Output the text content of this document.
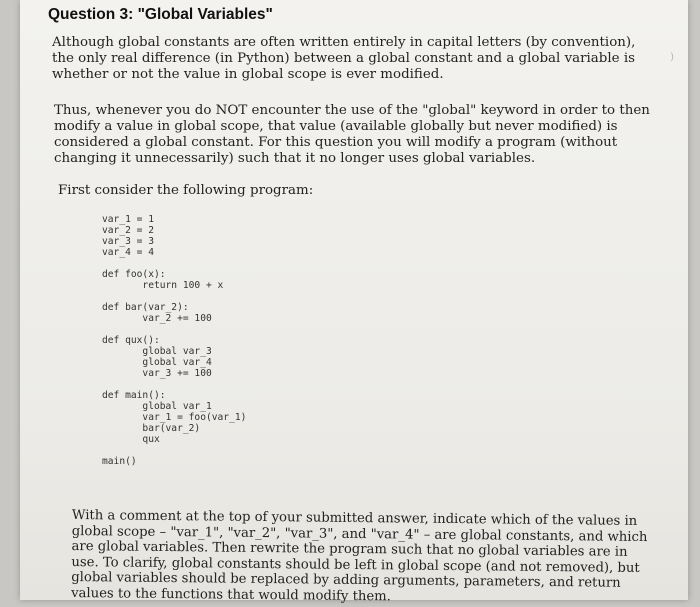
Question 3: "Global Variables"
Although global constants are often written entirely in capital letters (by convention), the only real difference (in Python) between a global constant and a global variable is whether or not the value in global scope is ever modified.
Thus, whenever you do NOT encounter the use of the "global" keyword in order to then modify a value in global scope, that value (available globally but never modified) is considered a global constant. For this question you will modify a program (without changing it unnecessarily) such that it no longer uses global variables.
First consider the following program:
var_1 = 1
var_2 = 2
var_3 = 3
var_4 = 4

def foo(x):
return 100 + x

def bar(var_2):
var_2 += 100

def qux():
global var_3
global var_4
var_3 += 100

def main():
global var_1
var_1 = foo(var_1)
bar(var_2)
qux

main()
With a comment at the top of your submitted answer, indicate which of the values in global scope – "var_1", "var_2", "var_3", and "var_4" – are global constants, and which are global variables. Then rewrite the program such that no global variables are in use. To clarify, global constants should be left in global scope (and not removed), but global variables should be replaced by adding arguments, parameters, and return values to the functions that would modify them.
)
